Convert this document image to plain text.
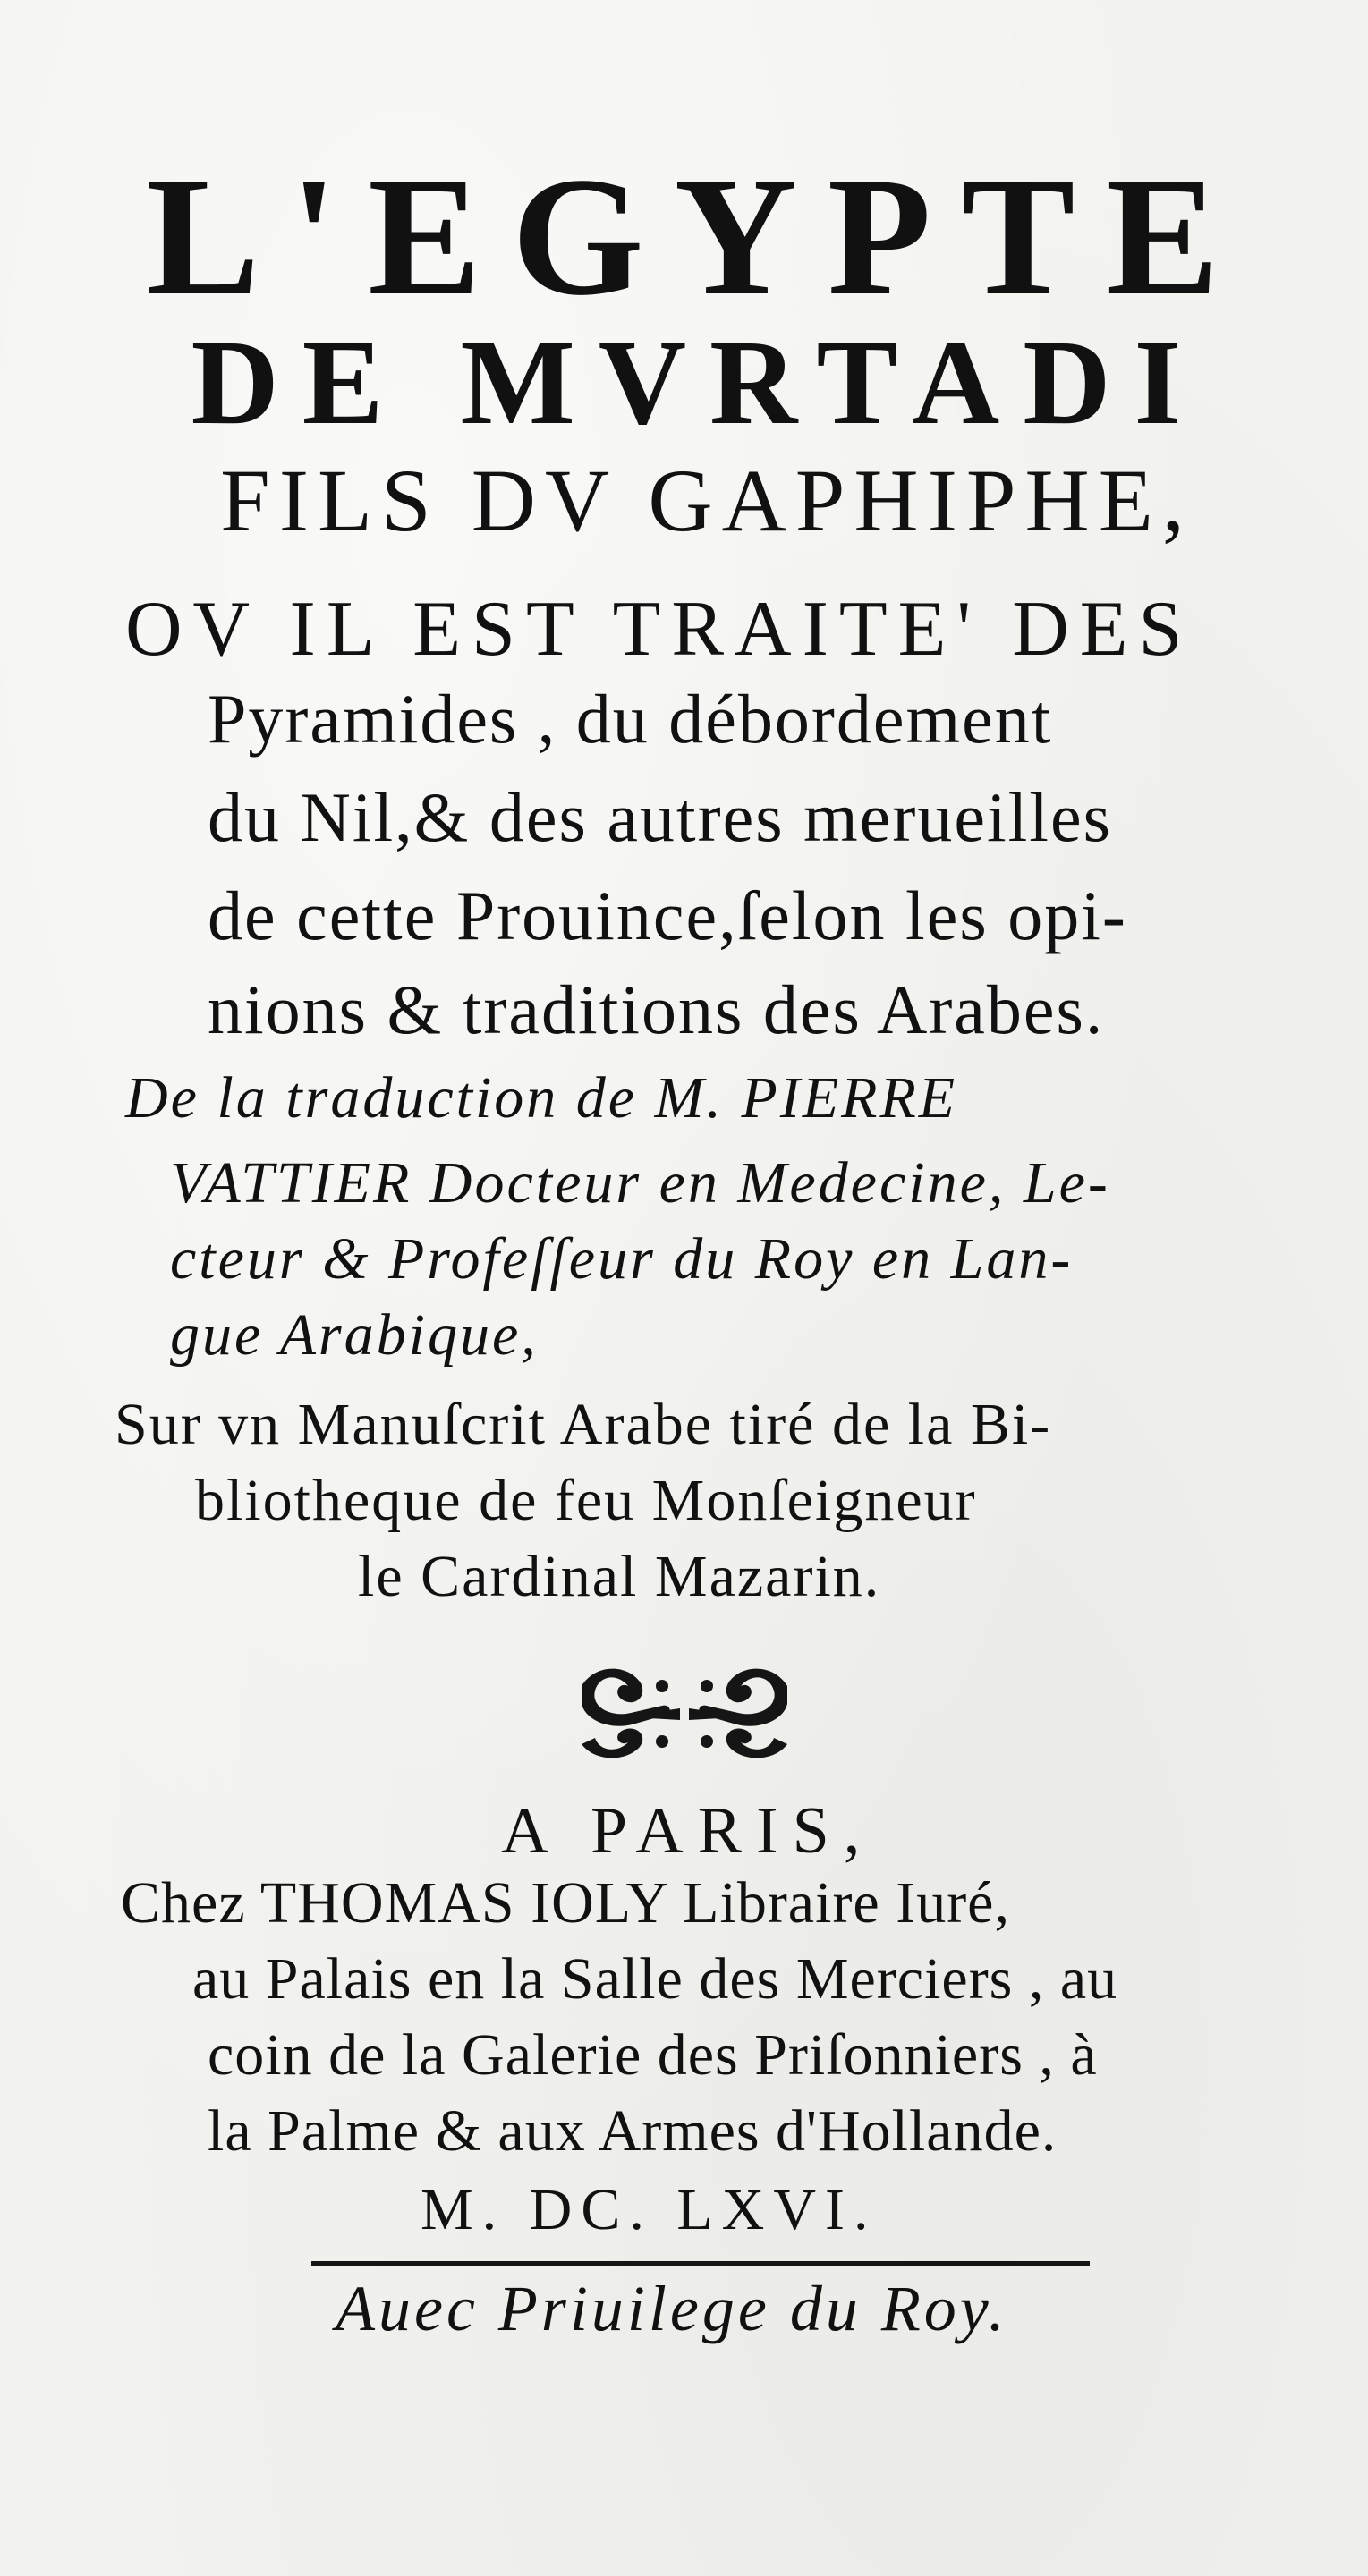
L'EGYPTE
DE MVRTADI
FILS DV GAPHIPHE,
OV IL EST TRAITE' DES
Pyramides , du débordement
du Nil,& des autres merueilles
de cette Prouince,ſelon les opi-
nions & traditions des Arabes.
De la traduction de M. PIERRE
VATTIER Docteur en Medecine, Le-
cteur & Profeſſeur du Roy en Lan-
gue Arabique,
Sur vn Manuſcrit Arabe tiré de la Bi-
bliotheque de feu Monſeigneur
le Cardinal Mazarin.
A PARIS,
Chez THOMAS IOLY Libraire Iuré,
au Palais en la Salle des Merciers , au
coin de la Galerie des Priſonniers , à
la Palme & aux Armes d'Hollande.
M. DC. LXVI.
Auec Priuilege du Roy.
